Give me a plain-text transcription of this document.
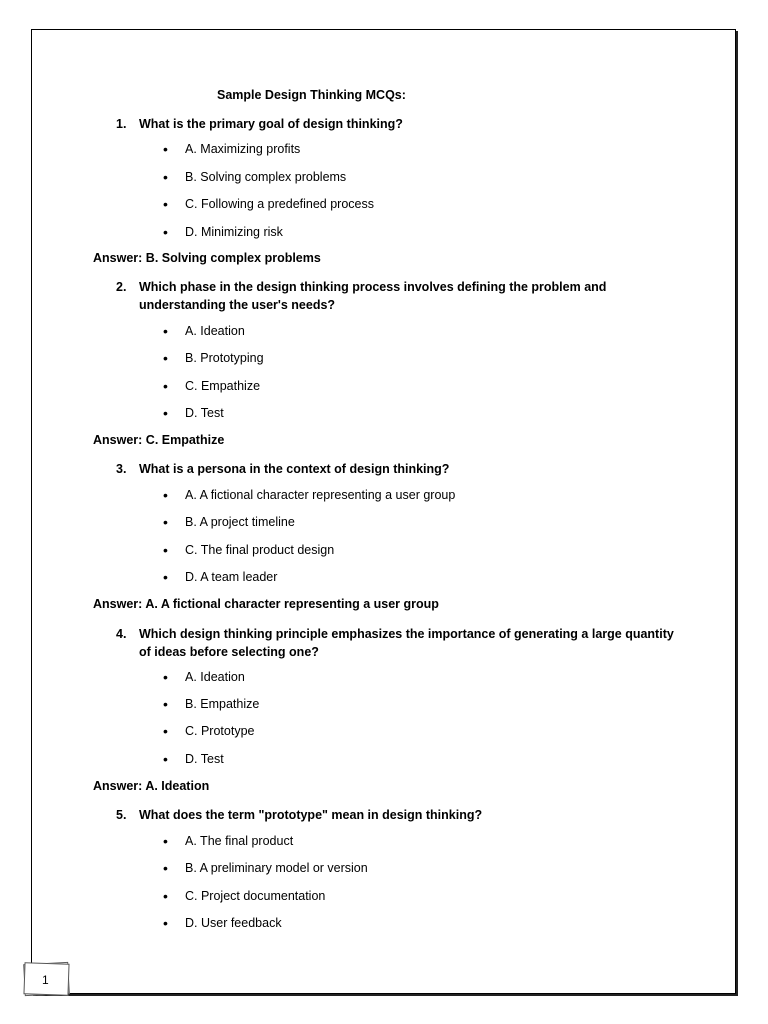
Sample Design Thinking MCQs:
1. What is the primary goal of design thinking?
• A. Maximizing profits
• B. Solving complex problems
• C. Following a predefined process
• D. Minimizing risk
Answer: B. Solving complex problems
2. Which phase in the design thinking process involves defining the problem and understanding the user's needs?
• A. Ideation
• B. Prototyping
• C. Empathize
• D. Test
Answer: C. Empathize
3. What is a persona in the context of design thinking?
• A. A fictional character representing a user group
• B. A project timeline
• C. The final product design
• D. A team leader
Answer: A. A fictional character representing a user group
4. Which design thinking principle emphasizes the importance of generating a large quantity of ideas before selecting one?
• A. Ideation
• B. Empathize
• C. Prototype
• D. Test
Answer: A. Ideation
5. What does the term "prototype" mean in design thinking?
• A. The final product
• B. A preliminary model or version
• C. Project documentation
• D. User feedback
1
